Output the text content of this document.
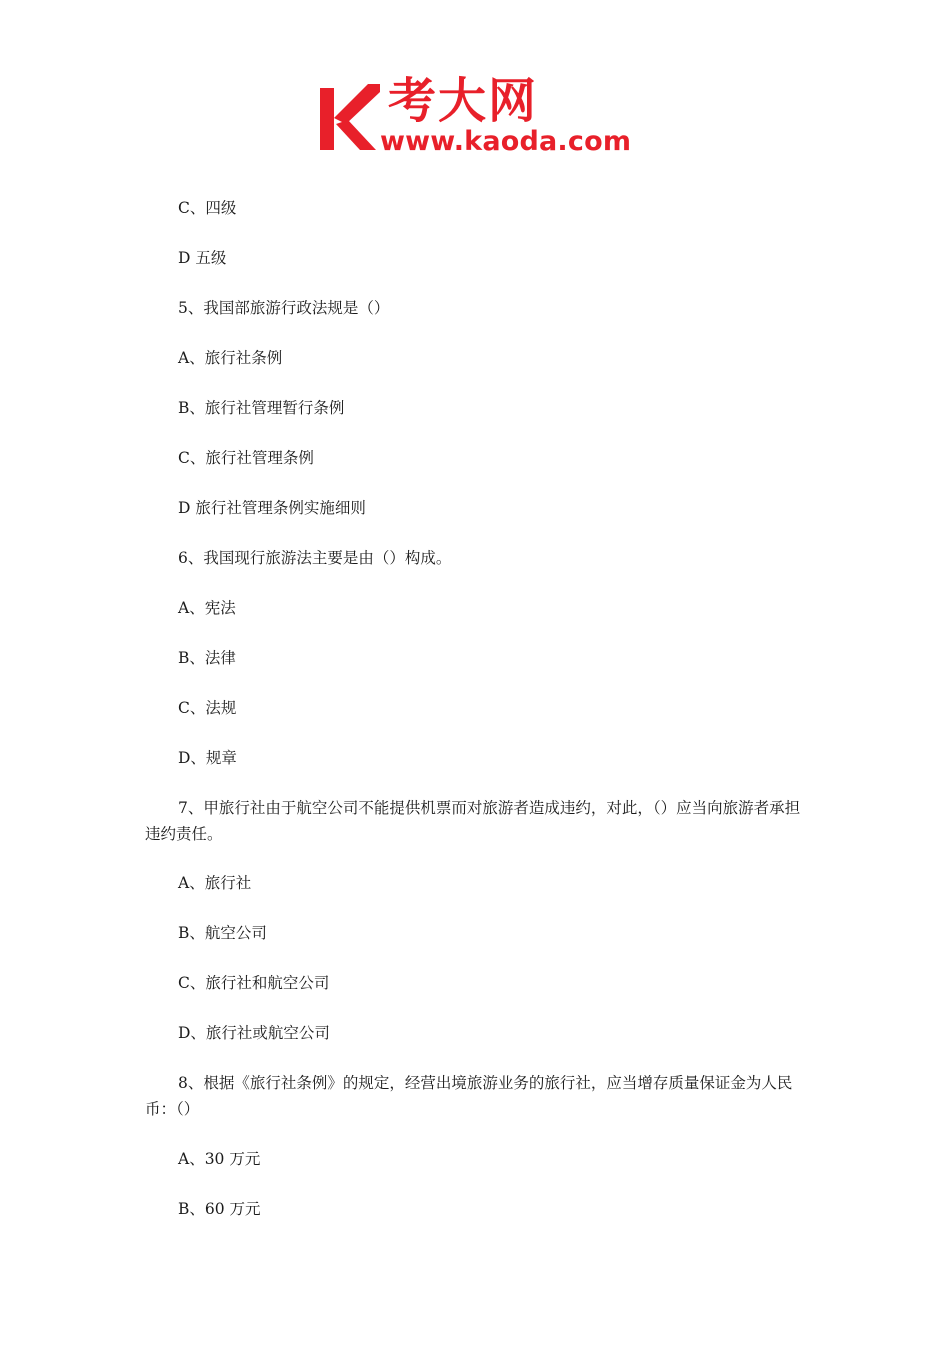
考大网
www.kaoda.com
C、四级
D 五级
5、我国部旅游行政法规是（）
A、旅行社条例
B、旅行社管理暂行条例
C、旅行社管理条例
D 旅行社管理条例实施细则
6、我国现行旅游法主要是由（）构成。
A、宪法
B、法律
C、法规
D、规章
7、甲旅行社由于航空公司不能提供机票而对旅游者造成违约，对此，（）应当向旅游者承担违约责任。
A、旅行社
B、航空公司
C、旅行社和航空公司
D、旅行社或航空公司
8、根据《旅行社条例》的规定，经营出境旅游业务的旅行社，应当增存质量保证金为人民币：（）
A、30 万元
B、60 万元
